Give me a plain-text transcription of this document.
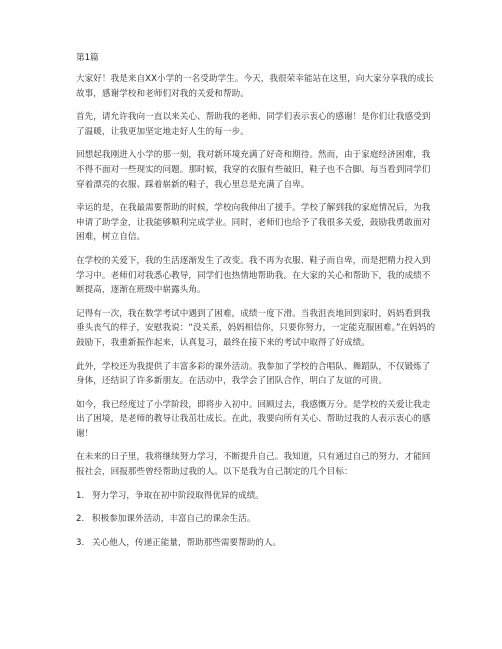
第1篇

大家好！我是来自XX小学的一名受助学生。今天，我很荣幸能站在这里，向大家分享我的成长故事，感谢学校和老师们对我的关爱和帮助。

首先，请允许我向一直以来关心、帮助我的老师、同学们表示衷心的感谢！是你们让我感受到了温暖，让我更加坚定地走好人生的每一步。

回想起我刚进入小学的那一刻，我对新环境充满了好奇和期待。然而，由于家庭经济困难，我不得不面对一些现实的问题。那时候，我穿的衣服有些破旧，鞋子也不合脚。每当看到同学们穿着漂亮的衣服、踩着崭新的鞋子，我心里总是充满了自卑。

幸运的是，在我最需要帮助的时候，学校向我伸出了援手。学校了解到我的家庭情况后，为我申请了助学金，让我能够顺利完成学业。同时，老师们也给予了我很多关爱，鼓励我勇敢面对困难，树立自信。

在学校的关爱下，我的生活逐渐发生了改变。我不再为衣服、鞋子而自卑，而是把精力投入到学习中。老师们对我悉心教导，同学们也热情地帮助我。在大家的关心和帮助下，我的成绩不断提高，逐渐在班级中崭露头角。

记得有一次，我在数学考试中遇到了困难，成绩一度下滑。当我沮丧地回到家时，妈妈看到我垂头丧气的样子，安慰我说：“没关系，妈妈相信你，只要你努力，一定能克服困难。”在妈妈的鼓励下，我重新振作起来，认真复习，最终在接下来的考试中取得了好成绩。

此外，学校还为我提供了丰富多彩的课外活动。我参加了学校的合唱队、舞蹈队，不仅锻炼了身体，还结识了许多新朋友。在活动中，我学会了团队合作，明白了友谊的可贵。

如今，我已经度过了小学阶段，即将步入初中。回顾过去，我感慨万分。是学校的关爱让我走出了困境，是老师的教导让我茁壮成长。在此，我要向所有关心、帮助过我的人表示衷心的感谢！

在未来的日子里，我将继续努力学习，不断提升自己。我知道，只有通过自己的努力，才能回报社会，回报那些曾经帮助过我的人。以下是我为自己制定的几个目标：

1. 努力学习，争取在初中阶段取得优异的成绩。
2. 积极参加课外活动，丰富自己的课余生活。
3. 关心他人，传递正能量，帮助那些需要帮助的人。
